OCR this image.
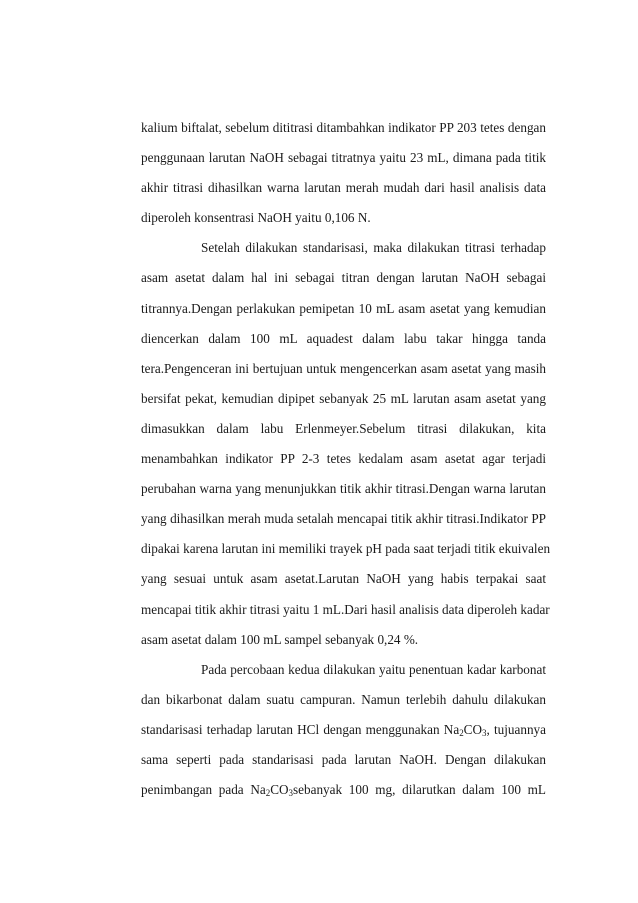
kalium biftalat, sebelum dititrasi ditambahkan indikator PP 203 tetes dengan
penggunaan larutan NaOH sebagai titratnya yaitu 23 mL, dimana pada titik
akhir titrasi dihasilkan warna larutan merah mudah dari hasil analisis data
diperoleh konsentrasi NaOH yaitu 0,106 N.
Setelah dilakukan standarisasi, maka dilakukan titrasi terhadap
asam asetat dalam hal ini sebagai titran dengan larutan NaOH sebagai
titrannya.Dengan perlakukan pemipetan 10 mL asam asetat yang kemudian
diencerkan dalam 100 mL aquadest dalam labu takar hingga tanda
tera.Pengenceran ini bertujuan untuk mengencerkan asam asetat yang masih
bersifat pekat, kemudian dipipet sebanyak 25 mL larutan asam asetat yang
dimasukkan dalam labu Erlenmeyer.Sebelum titrasi dilakukan, kita
menambahkan indikator PP 2-3 tetes kedalam asam asetat agar terjadi
perubahan warna yang menunjukkan titik akhir titrasi.Dengan warna larutan
yang dihasilkan merah muda setalah mencapai titik akhir titrasi.Indikator PP
dipakai karena larutan ini memiliki trayek pH pada saat terjadi titik ekuivalen
yang sesuai untuk asam asetat.Larutan NaOH yang habis terpakai saat
mencapai titik akhir titrasi yaitu 1 mL.Dari hasil analisis data diperoleh kadar
asam asetat dalam 100 mL sampel sebanyak 0,24 %.
Pada percobaan kedua dilakukan yaitu penentuan kadar karbonat
dan bikarbonat dalam suatu campuran. Namun terlebih dahulu dilakukan
standarisasi terhadap larutan HCl dengan menggunakan $Na_2CO_3$, tujuannya
sama seperti pada standarisasi pada larutan NaOH. Dengan dilakukan
penimbangan pada $Na_2CO_3sebanyak$ 100 mg, dilarutkan dalam 100 mL
